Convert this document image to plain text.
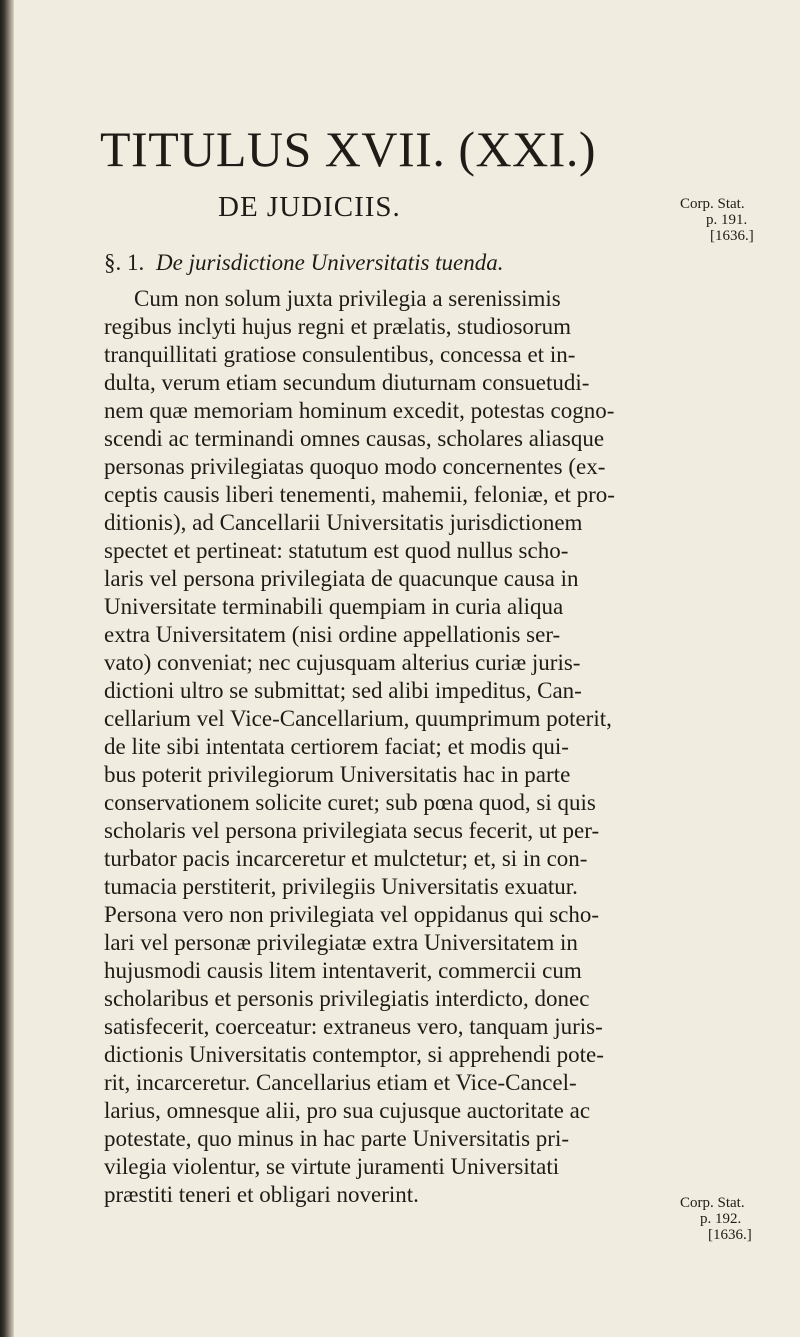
TITULUS XVII. (XXI.)
DE JUDICIIS.	Corp. Stat.
p. 191.
[1636.]
§. 1. De jurisdictione Universitatis tuenda.
Cum non solum juxta privilegia a serenissimis
regibus inclyti hujus regni et prælatis, studiosorum
tranquillitati gratiose consulentibus, concessa et in-
dulta, verum etiam secundum diuturnam consuetudi-
nem quæ memoriam hominum excedit, potestas cogno-
scendi ac terminandi omnes causas, scholares aliasque
personas privilegiatas quoquo modo concernentes (ex-
ceptis causis liberi tenementi, mahemii, feloniæ, et pro-
ditionis), ad Cancellarii Universitatis jurisdictionem
spectet et pertineat: statutum est quod nullus scho-
laris vel persona privilegiata de quacunque causa in
Universitate terminabili quempiam in curia aliqua
extra Universitatem (nisi ordine appellationis ser-
vato) conveniat; nec cujusquam alterius curiæ juris-
dictioni ultro se submittat; sed alibi impeditus, Can-
cellarium vel Vice-Cancellarium, quumprimum poterit,
de lite sibi intentata certiorem faciat; et modis qui-
bus poterit privilegiorum Universitatis hac in parte
conservationem solicite curet; sub pœna quod, si quis
scholaris vel persona privilegiata secus fecerit, ut per-
turbator pacis incarceretur et mulctetur; et, si in con-
tumacia perstiterit, privilegiis Universitatis exuatur.
Persona vero non privilegiata vel oppidanus qui scho-
lari vel personæ privilegiatæ extra Universitatem in
hujusmodi causis litem intentaverit, commercii cum
scholaribus et personis privilegiatis interdicto, donec
satisfecerit, coerceatur: extraneus vero, tanquam juris-
dictionis Universitatis contemptor, si apprehendi pote-
rit, incarceretur. Cancellarius etiam et Vice-Cancel-
larius, omnesque alii, pro sua cujusque auctoritate ac
potestate, quo minus in hac parte Universitatis pri-
vilegia violentur, se virtute juramenti Universitati
præstiti teneri et obligari noverint.	Corp. Stat.
p. 192.
[1636.]
